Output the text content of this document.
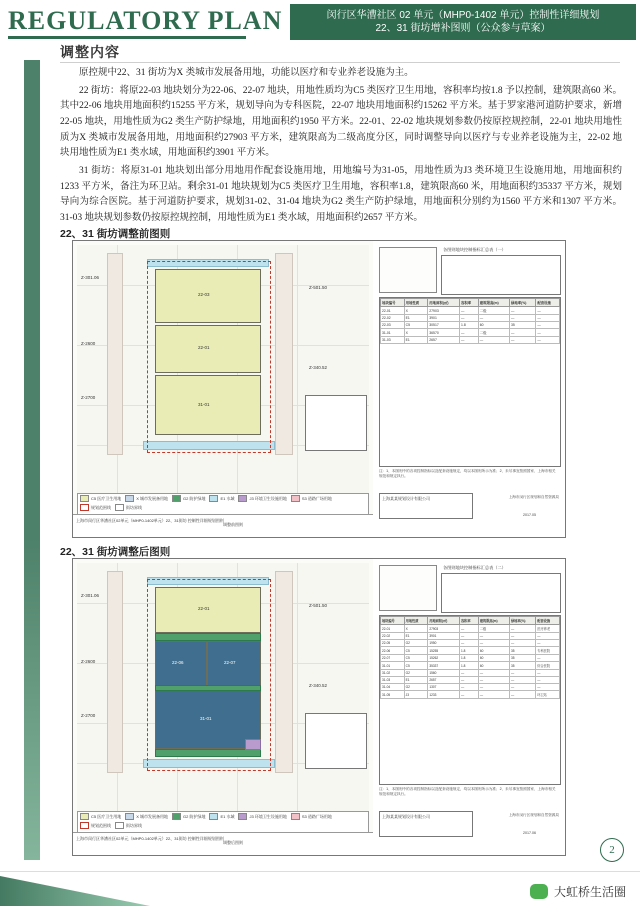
REGULATORY PLAN	闵行区华漕社区 02 单元（MHP0-1402 单元）控制性详细规划
22、31 街坊增补图则（公众参与草案）
调整内容

原控规中22、31 街坊为X 类城市发展备用地，功能以医疗和专业养老设施为主。

22 街坊：将原22-03 地块划分为22-06、22-07 地块，用地性质均为C5 类医疗卫生用地，容积率均按1.8 予以控制，建筑限高60 米。其中22-06 地块用地面积约15255 平方米，规划导向为专科医院，22-07 地块用地面积约15262 平方米。基于罗家港河道防护要求，新增22-05 地块，用地性质为G2 类生产防护绿地，用地面积约1950 平方米。22-01、22-02 地块规划参数仍按原控规控制，22-01 地块用地性质为X 类城市发展备用地，用地面积约27903 平方米，建筑限高为二级高度分区，同时调整导向以医疗与专业养老设施为主，22-02 地块用地性质为E1 类水域，用地面积约3901 平方米。

31 街坊：将原31-01 地块划出部分用地用作配套设施用地，用地编号为31-05，用地性质为J3 类环境卫生设施用地，用地面积约1233 平方米，备注为环卫站。剩余31-01 地块规划为C5 类医疗卫生用地，容积率1.8，建筑限高60 米，用地面积约35337 平方米，规划导向为综合医院。基于河道防护要求，规划31-02、31-04 地块为G2 类生产防护绿地，用地面积分别约为1560 平方米和1307 平方米。31-03 地块规划参数仍按原控规控制，用地性质为E1 类水域，用地面积约2657 平方米。

22、31 街坊调整前图则
22-03
22-01
31-01
Z-301.06
Z-2600
Z-2700
Z-501.50
Z-340.52
C5 医疗卫生用地	X 城市发展备用地	G2 防护绿地	E1 水域	J3 环境卫生设施用地	S3 道路广场用地
规划范围线	街坊界线
上海市闵行区华漕社区02单元（MHP0-1402单元）22、31街坊 控制性详细规划图则
调整前图则
各图则地块控制指标汇总表（一）
地块编号	用地性质	用地面积(㎡)	容积率	建筑限高(m)	绿地率(%)	配套设施
22-01	X	27903	—	二级	—	—
22-02	E1	3901	—	—	—	—
22-03	C5	30517	1.8	60	35	—
31-01	X	36570	—	二级	—	—
31-03	E1	2657	—	—	—	—
注：1、本图则中的各项控制指标以及配套设施规定，均以本图则所示为准；2、未尽事宜按照国家、上海市相关规范和规定执行。
上海某某规划设计有限公司	上海市闵行区规划和自然资源局
2017.05
22、31 街坊调整后图则
22-01
22-06	22-07
31-01
Z-301.06
Z-2600
Z-2700
Z-501.50
Z-340.52
C5 医疗卫生用地	X 城市发展备用地	G2 防护绿地	E1 水域	J3 环境卫生设施用地	S3 道路广场用地
规划范围线	街坊界线
上海市闵行区华漕社区02单元（MHP0-1402单元）22、31街坊 控制性详细规划图则
调整后图则
各图则地块控制指标汇总表（二）
地块编号	用地性质	用地面积(㎡)	容积率	建筑限高(m)	绿地率(%)	配套设施
22-01	X	27903	—	二级	—	医疗养老
22-02	E1	3901	—	—	—	—
22-05	G2	1950	—	—	—	—
22-06	C5	15255	1.8	60	35	专科医院
22-07	C5	15262	1.8	60	35	—
31-01	C5	35337	1.8	60	35	综合医院
31-02	G2	1560	—	—	—	—
31-03	E1	2657	—	—	—	—
31-04	G2	1307	—	—	—	—
31-05	J3	1233	—	—	—	环卫站
注：1、本图则中的各项控制指标以及配套设施规定，均以本图则所示为准；2、未尽事宜按照国家、上海市相关规范和规定执行。
上海某某规划设计有限公司	上海市闵行区规划和自然资源局
2017.06
2
大虹桥生活圈
